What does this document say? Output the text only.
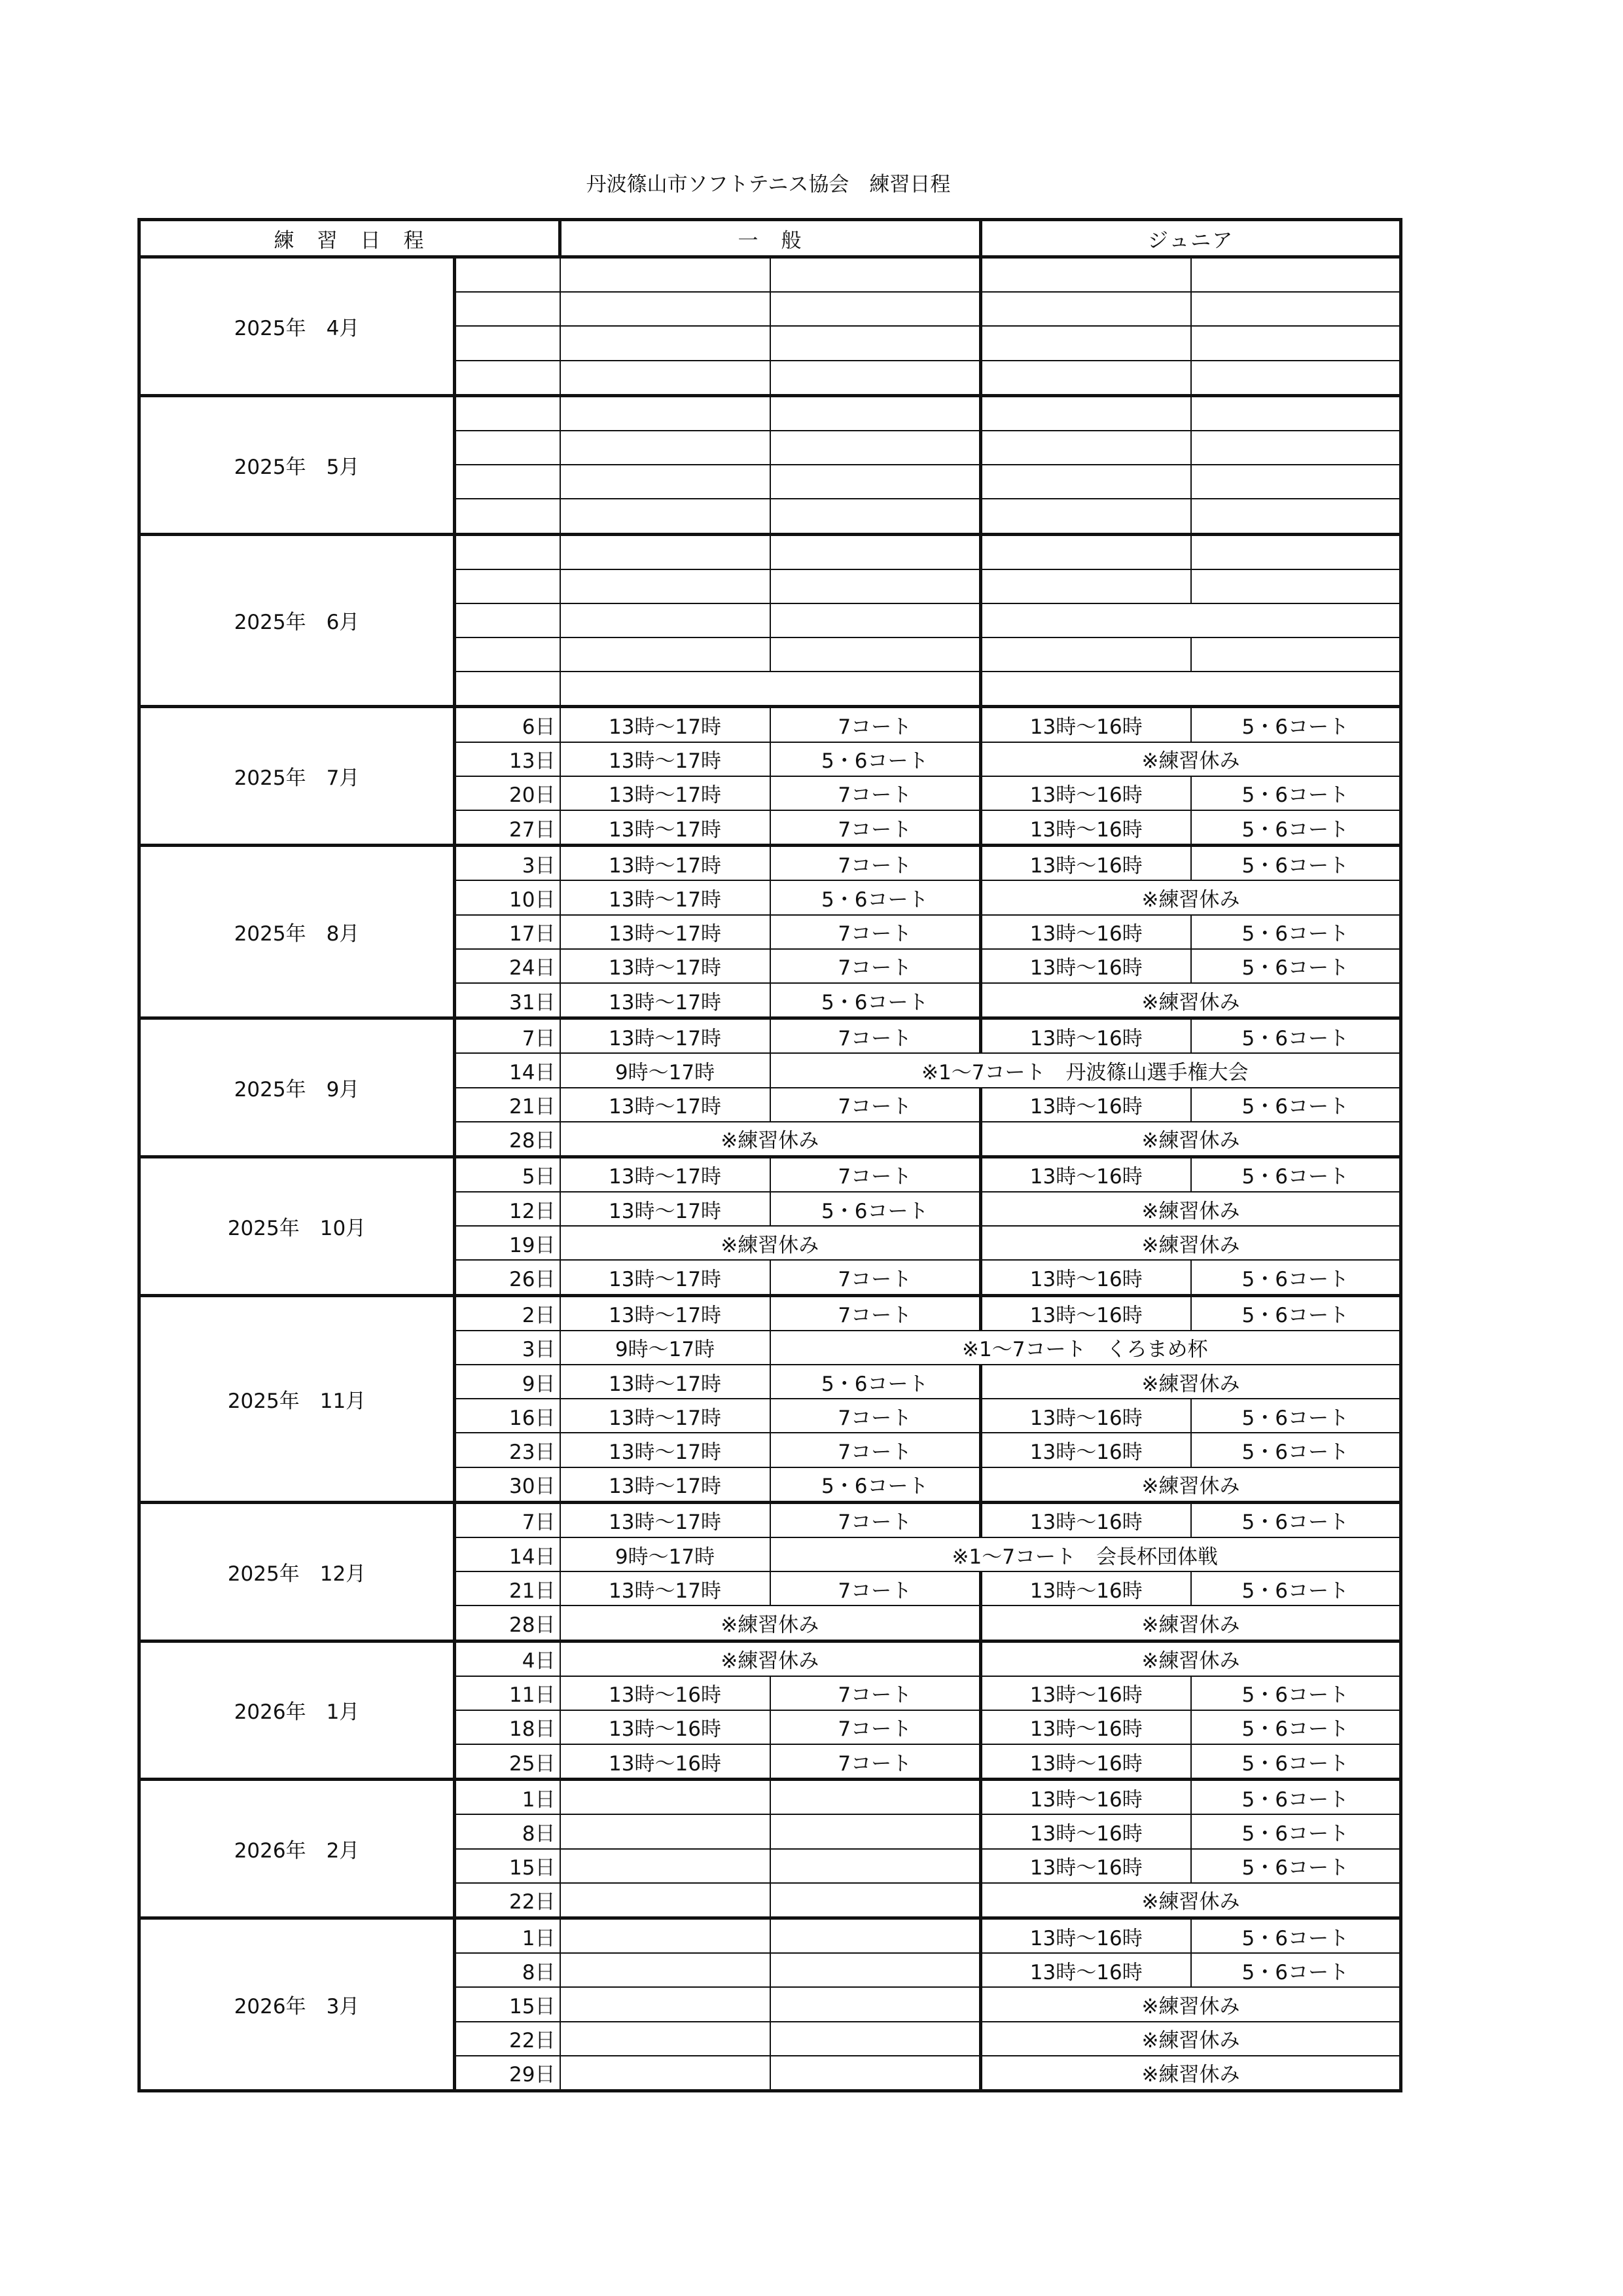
丹波篠山市ソフトテニス協会　練習日程
練　習　日　程		一　般		ジュニア	
2025年　4月					

2025年　5月					

2025年　6月					

2025年　7月	6日	13時～17時	7コート	13時～16時	5・6コート
	13日	13時～17時	5・6コート	※練習休み	
	20日	13時～17時	7コート	13時～16時	5・6コート
	27日	13時～17時	7コート	13時～16時	5・6コート
2025年　8月	3日	13時～17時	7コート	13時～16時	5・6コート
	10日	13時～17時	5・6コート	※練習休み	
	17日	13時～17時	7コート	13時～16時	5・6コート
	24日	13時～17時	7コート	13時～16時	5・6コート
	31日	13時～17時	5・6コート	※練習休み	
2025年　9月	7日	13時～17時	7コート	13時～16時	5・6コート
	14日	9時～17時	※1～7コート　丹波篠山選手権大会		
	21日	13時～17時	7コート	13時～16時	5・6コート
	28日	※練習休み		※練習休み	
2025年　10月	5日	13時～17時	7コート	13時～16時	5・6コート
	12日	13時～17時	5・6コート	※練習休み	
	19日	※練習休み		※練習休み	
	26日	13時～17時	7コート	13時～16時	5・6コート
2025年　11月	2日	13時～17時	7コート	13時～16時	5・6コート
	3日	9時～17時	※1～7コート　くろまめ杯		
	9日	13時～17時	5・6コート	※練習休み	
	16日	13時～17時	7コート	13時～16時	5・6コート
	23日	13時～17時	7コート	13時～16時	5・6コート
	30日	13時～17時	5・6コート	※練習休み	
2025年　12月	7日	13時～17時	7コート	13時～16時	5・6コート
	14日	9時～17時	※1～7コート　会長杯団体戦		
	21日	13時～17時	7コート	13時～16時	5・6コート
	28日	※練習休み		※練習休み	
2026年　1月	4日	※練習休み		※練習休み	
	11日	13時～16時	7コート	13時～16時	5・6コート
	18日	13時～16時	7コート	13時～16時	5・6コート
	25日	13時～16時	7コート	13時～16時	5・6コート
2026年　2月	1日			13時～16時	5・6コート
	8日			13時～16時	5・6コート
	15日			13時～16時	5・6コート
	22日			※練習休み	
2026年　3月	1日			13時～16時	5・6コート
	8日			13時～16時	5・6コート
	15日			※練習休み	
	22日			※練習休み	
	29日			※練習休み	
